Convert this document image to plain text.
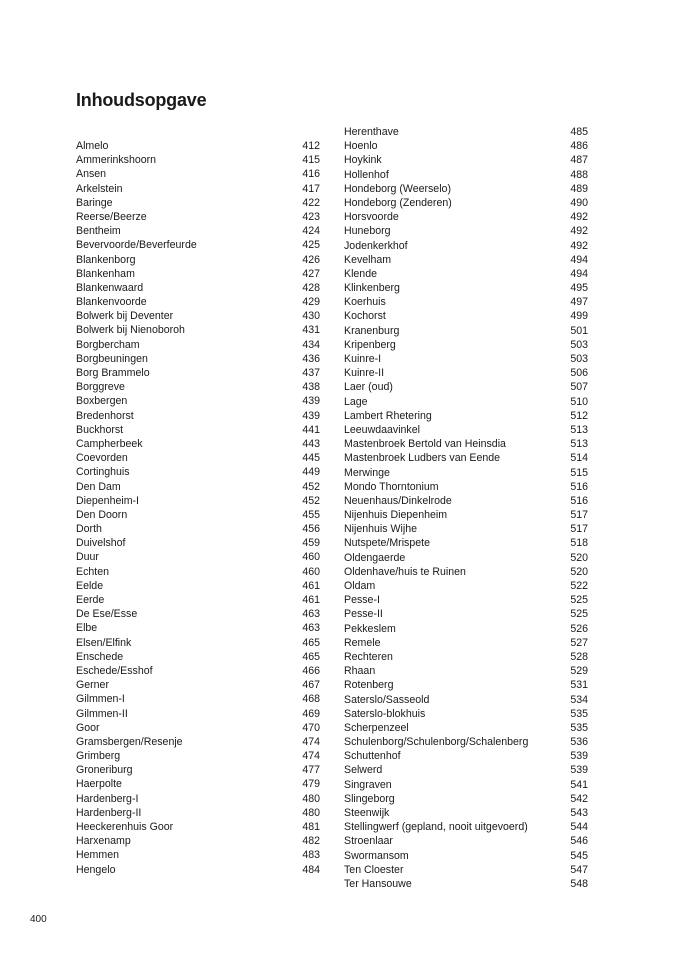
Inhoudsopgave
Almelo	412
Ammerinkshoorn	415
Ansen	416
Arkelstein	417
Baringe	422
Reerse/Beerze	423
Bentheim	424
Bevervoorde/Beverfeurde	425
Blankenborg	426
Blankenham	427
Blankenwaard	428
Blankenvoorde	429
Bolwerk bij Deventer	430
Bolwerk bij Nienoboroh	431
Borgbercham	434
Borgbeuningen	436
Borg Brammelo	437
Borggreve	438
Boxbergen	439
Bredenhorst	439
Buckhorst	441
Campherbeek	443
Coevorden	445
Cortinghuis	449
Den Dam	452
Diepenheim-I	452
Den Doorn	455
Dorth	456
Duivelshof	459
Duur	460
Echten	460
Eelde	461
Eerde	461
De Ese/Esse	463
Elbe	463
Elsen/Elfink	465
Enschede	465
Eschede/Esshof	466
Gerner	467
Gilmmen-I	468
Gilmmen-II	469
Goor	470
Gramsbergen/Resenje	474
Grimberg	474
Groneriburg	477
Haerpolte	479
Hardenberg-I	480
Hardenberg-II	480
Heeckerenhuis Goor	481
Harxenamp	482
Hemmen	483
Hengelo	484
Herenthave	485
Hoenlo	486
Hoykink	487
Hollenhof	488
Hondeborg (Weerselo)	489
Hondeborg (Zenderen)	490
Horsvoorde	492
Huneborg	492
Jodenkerkhof	492
Kevelham	494
Klende	494
Klinkenberg	495
Koerhuis	497
Kochorst	499
Kranenburg	501
Kripenberg	503
Kuinre-I	503
Kuinre-II	506
Laer (oud)	507
Lage	510
Lambert Rhetering	512
Leeuwdaavinkel	513
Mastenbroek Bertold van Heinsdia	513
Mastenbroek Ludbers van Eende	514
Merwinge	515
Mondo Thorntonium	516
Neuenhaus/Dinkelrode	516
Nijenhuis Diepenheim	517
Nijenhuis Wijhe	517
Nutspete/Mrispete	518
Oldengaerde	520
Oldenhave/huis te Ruinen	520
Oldam	522
Pesse-I	525
Pesse-II	525
Pekkeslem	526
Remele	527
Rechteren	528
Rhaan	529
Rotenberg	531
Saterslo/Sasseold	534
Saterslo-blokhuis	535
Scherpenzeel	535
Schulenborg/Schulenborg/Schalenberg	536
Schuttenhof	539
Selwerd	539
Singraven	541
Slingeborg	542
Steenwijk	543
Stellingwerf (gepland, nooit uitgevoerd)	544
Stroenlaar	546
Swormansom	545
Ten Cloester	547
Ter Hansouwe	548
400
